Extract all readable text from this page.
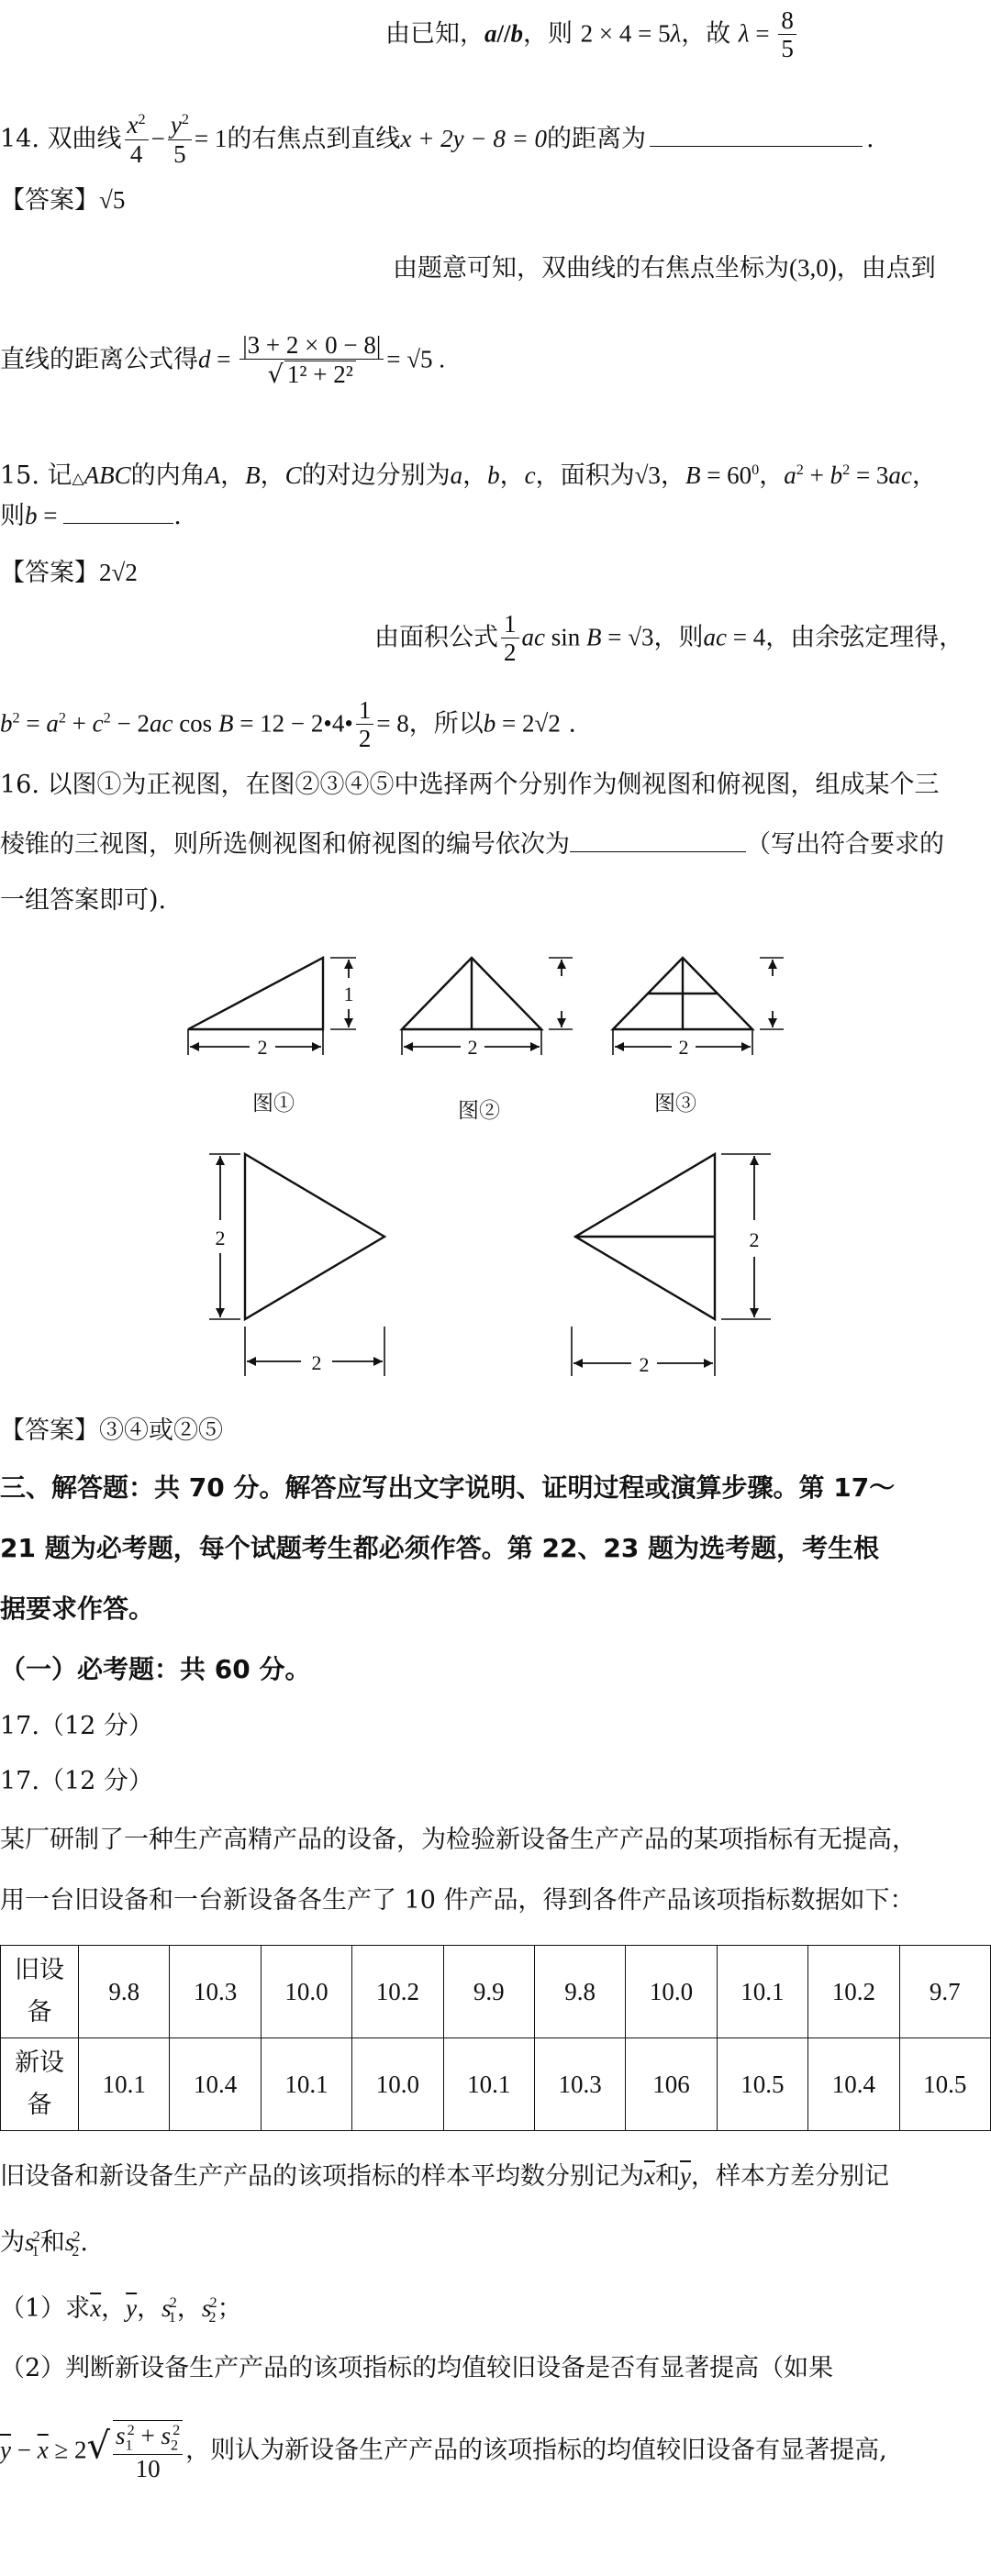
由已知，a//b，则 2 × 4 = 5λ，故 $\lambda = \frac{8}{5}$
14. 双曲线 $\frac{x^2}{4} - \frac{y^2}{5} = 1$的右焦点到直线x + 2y − 8 = 0的距离为	.
【答案】√5
由题意可知，双曲线的右焦点坐标为(3,0)，由点到
直线的距离公式得$d = \frac{|3 + 2 \times 0 - 8|}{\text{√ 1² + 2²}} = √5$ .
15. 记△ABC的内角A，B，C的对边分别为a，b，c，面积为√3，$B = 60^0$，$a^2 + b^2 = 3ac$，
则b =	.
【答案】2√2
由面积公式 $\frac{1}{2}$ ac sin B = √3，则ac = 4，由余弦定理得，
$b^2 = a^2 + c^2 - 2ac$ cos B = 12 − 2•4• $\frac{1}{2} = 8$，所以b = 2√2 .
16. 以图①为正视图，在图②③④⑤中选择两个分别作为侧视图和俯视图，组成某个三
棱锥的三视图，则所选侧视图和俯视图的编号依次为	（写出符合要求的
一组答案即可).
2
1
2	2
2
2
2
2
图①	图②	图③
【答案】③④或②⑤
三、解答题：共 70 分。解答应写出文字说明、证明过程或演算步骤。第 17～
21 题为必考题，每个试题考生都必须作答。第 22、23 题为选考题，考生根
据要求作答。
（一）必考题：共 60 分。
17.（12 分）
17.（12 分）
某厂研制了一种生产高精产品的设备，为检验新设备生产产品的某项指标有无提高，
用一台旧设备和一台新设备各生产了 10 件产品，得到各件产品该项指标数据如下：
旧设
备	9.8	10.3	10.0	10.2	9.9	9.8	10.0	10.1	10.2	9.7
新设
备	10.1	10.4	10.1	10.0	10.1	10.3	106	10.5	10.4	10.5
旧设备和新设备生产产品的该项指标的样本平均数分别记为$\overline{x}$和$\overline{y}$，样本方差分别记
为$s_1^2$和$s_2^2$.
（1）求$\overline{x}$，$\overline{y}$，$s_1^2$，$s_2^2$；
（2）判断新设备生产产品的该项指标的均值较旧设备是否有显著提高（如果
$\overline{y} - \overline{x} \ge 2√ \frac{s_1^2 + s_2^2}{10}$ ，则认为新设备生产产品的该项指标的均值较旧设备有显著提高,
